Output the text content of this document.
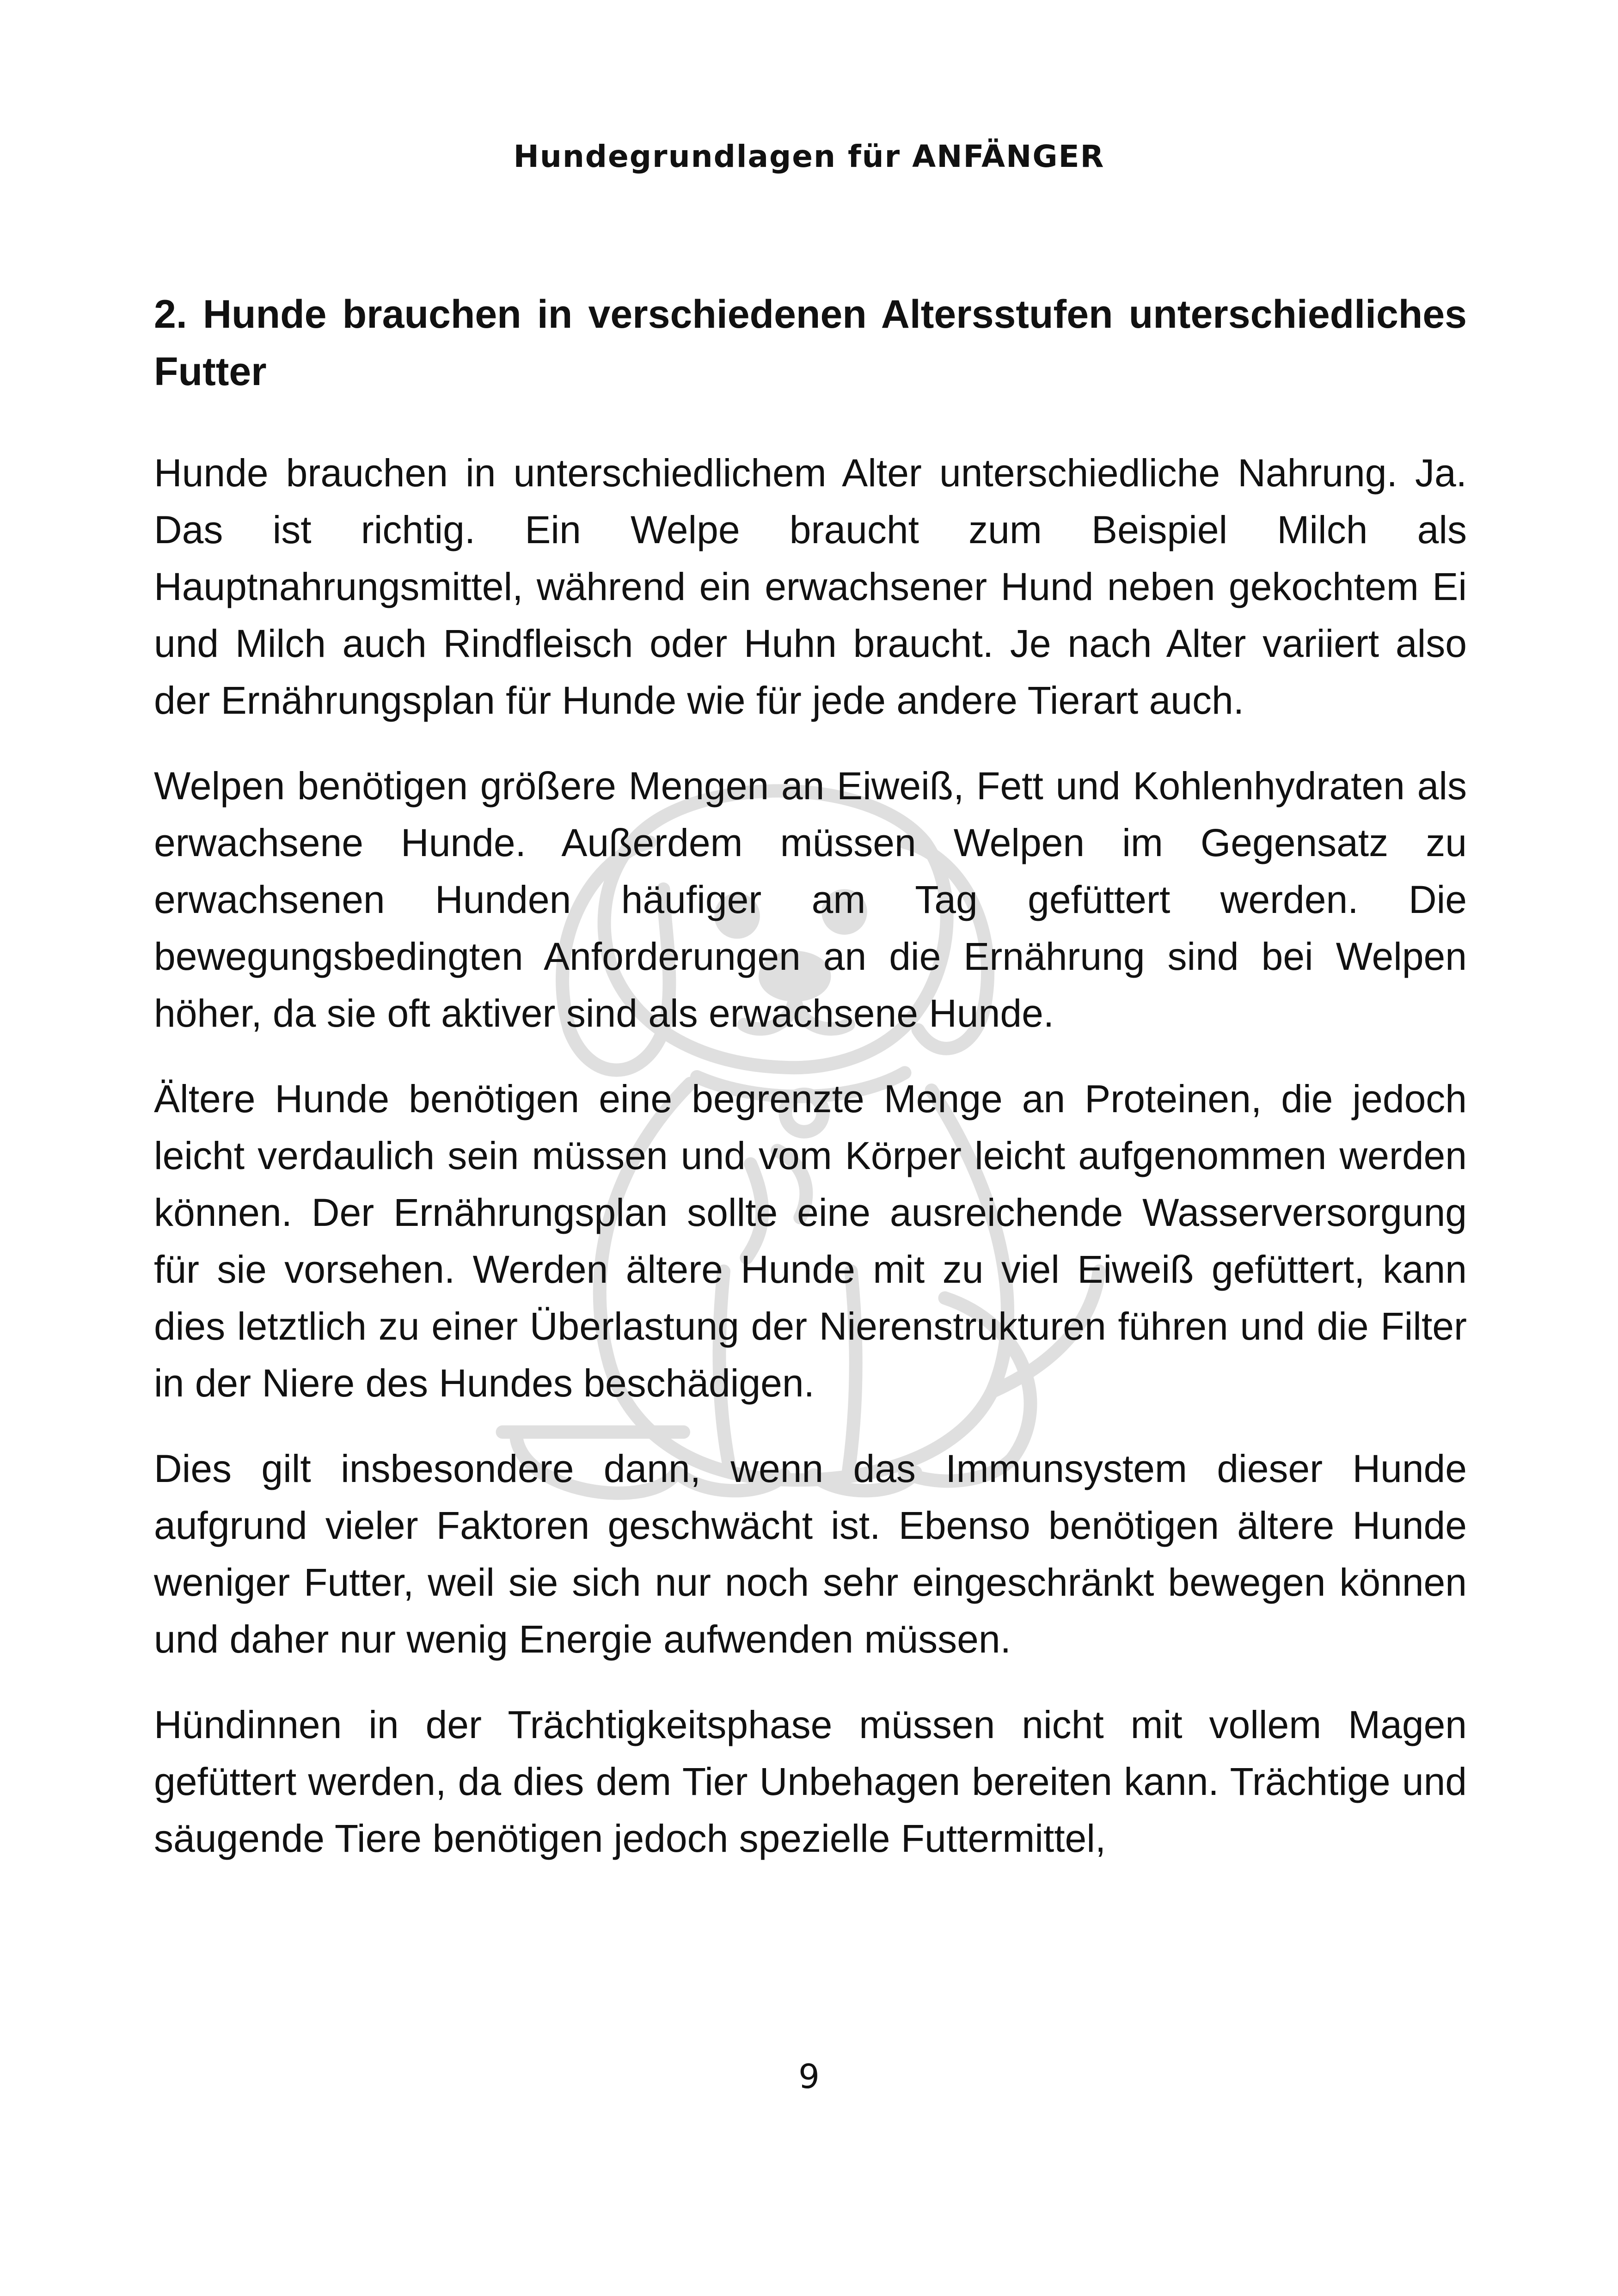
Hundegrundlagen für ANFÄNGER
2. Hunde brauchen in verschiedenen Altersstufen unterschiedliches Futter

Hunde brauchen in unterschiedlichem Alter unterschiedliche Nahrung. Ja. Das ist richtig. Ein Welpe braucht zum Beispiel Milch als Hauptnahrungsmittel, während ein erwachsener Hund neben gekochtem Ei und Milch auch Rindfleisch oder Huhn braucht. Je nach Alter variiert also der Ernährungsplan für Hunde wie für jede andere Tierart auch.

Welpen benötigen größere Mengen an Eiweiß, Fett und Kohlenhydraten als erwachsene Hunde. Außerdem müssen Welpen im Gegensatz zu erwachsenen Hunden häufiger am Tag gefüttert werden. Die bewegungsbedingten Anforderungen an die Ernährung sind bei Welpen höher, da sie oft aktiver sind als erwachsene Hunde.

Ältere Hunde benötigen eine begrenzte Menge an Proteinen, die jedoch leicht verdaulich sein müssen und vom Körper leicht aufgenommen werden können. Der Ernährungsplan sollte eine ausreichende Wasserversorgung für sie vorsehen. Werden ältere Hunde mit zu viel Eiweiß gefüttert, kann dies letztlich zu einer Überlastung der Nierenstrukturen führen und die Filter in der Niere des Hundes beschädigen.

Dies gilt insbesondere dann, wenn das Immunsystem dieser Hunde aufgrund vieler Faktoren geschwächt ist. Ebenso benötigen ältere Hunde weniger Futter, weil sie sich nur noch sehr eingeschränkt bewegen können und daher nur wenig Energie aufwenden müssen.

Hündinnen in der Trächtigkeitsphase müssen nicht mit vollem Magen gefüttert werden, da dies dem Tier Unbehagen bereiten kann. Trächtige und säugende Tiere benötigen jedoch spezielle Futtermittel,

9
